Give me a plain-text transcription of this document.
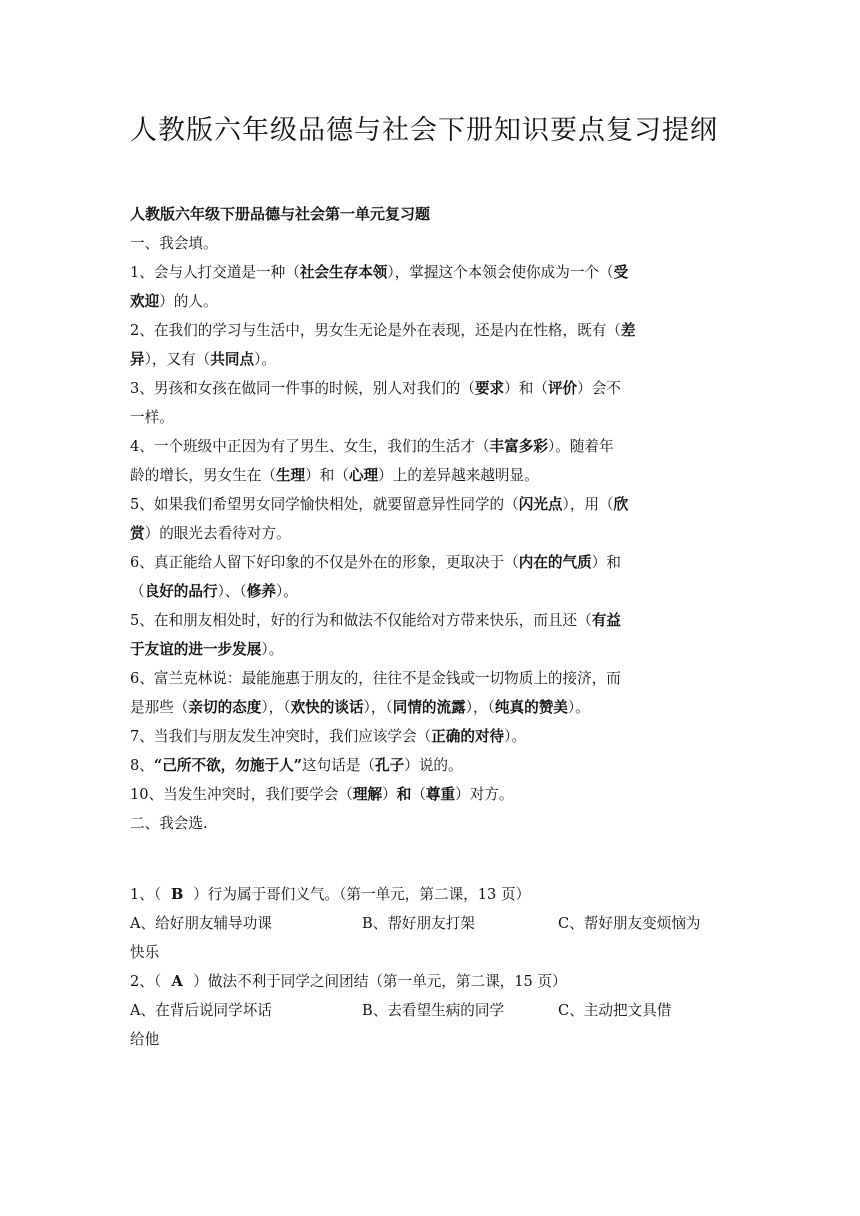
人教版六年级品德与社会下册知识要点复习提纲
人教版六年级下册品德与社会第一单元复习题
一、我会填。
1、会与人打交道是一种（社会生存本领），掌握这个本领会使你成为一个（受
欢迎）的人。
2、在我们的学习与生活中，男女生无论是外在表现，还是内在性格，既有（差
异），又有（共同点）。
3、男孩和女孩在做同一件事的时候，别人对我们的（要求）和（评价）会不
一样。
4、一个班级中正因为有了男生、女生，我们的生活才（丰富多彩）。随着年
龄的增长，男女生在（生理）和（心理）上的差异越来越明显。
5、如果我们希望男女同学愉快相处，就要留意异性同学的（闪光点），用（欣
赏）的眼光去看待对方。
6、真正能给人留下好印象的不仅是外在的形象，更取决于（内在的气质）和
（良好的品行）、（修养）。
5、在和朋友相处时，好的行为和做法不仅能给对方带来快乐，而且还（有益
于友谊的进一步发展）。
6、富兰克林说：最能施惠于朋友的，往往不是金钱或一切物质上的接济，而
是那些（亲切的态度），（欢快的谈话），（同情的流露），（纯真的赞美）。
7、当我们与朋友发生冲突时，我们应该学会（正确的对待）。
8、“己所不欲，勿施于人”这句话是（孔子）说的。
10、当发生冲突时，我们要学会（理解）和（尊重）对方。
二、我会选.
1、（ B ）行为属于哥们义气。（第一单元，第二课，13 页）
A、给好朋友辅导功课	B、帮好朋友打架	C、帮好朋友变烦恼为
快乐
2、（ A ）做法不利于同学之间团结（第一单元，第二课，15 页）
A、在背后说同学坏话	B、去看望生病的同学	C、主动把文具借
给他
